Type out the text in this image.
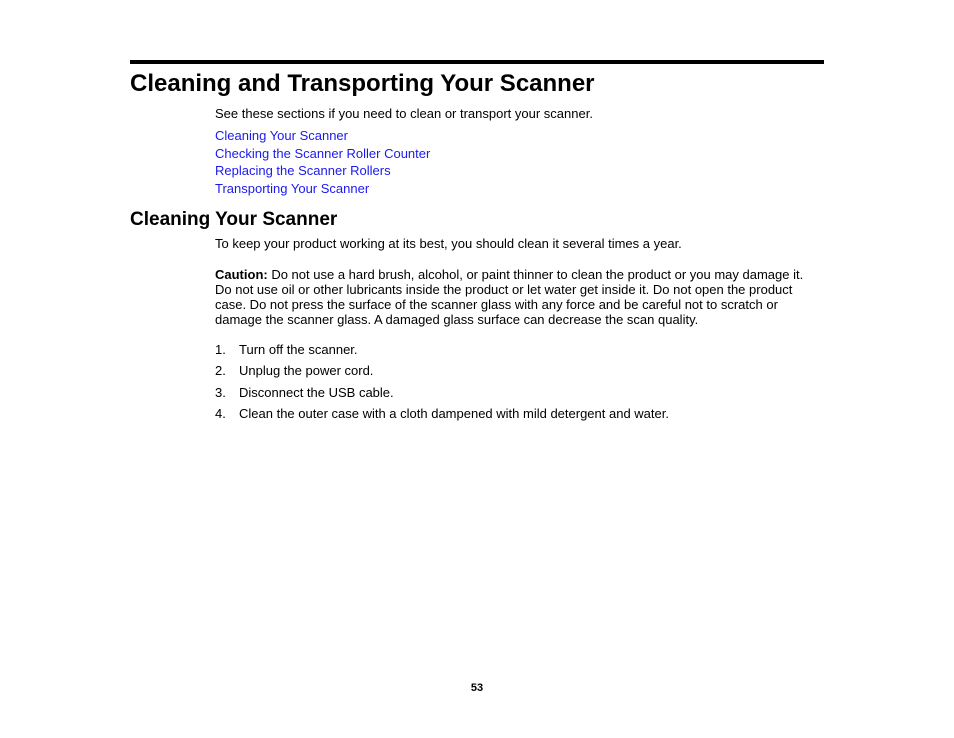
Cleaning and Transporting Your Scanner

See these sections if you need to clean or transport your scanner.

Cleaning Your Scanner
Checking the Scanner Roller Counter
Replacing the Scanner Rollers
Transporting Your Scanner
Cleaning Your Scanner

To keep your product working at its best, you should clean it several times a year.

Caution: Do not use a hard brush, alcohol, or paint thinner to clean the product or you may damage it. Do not use oil or other lubricants inside the product or let water get inside it. Do not open the product case. Do not press the surface of the scanner glass with any force and be careful not to scratch or damage the scanner glass. A damaged glass surface can decrease the scan quality.

1. Turn off the scanner.
2. Unplug the power cord.
3. Disconnect the USB cable.
4. Clean the outer case with a cloth dampened with mild detergent and water.
53
